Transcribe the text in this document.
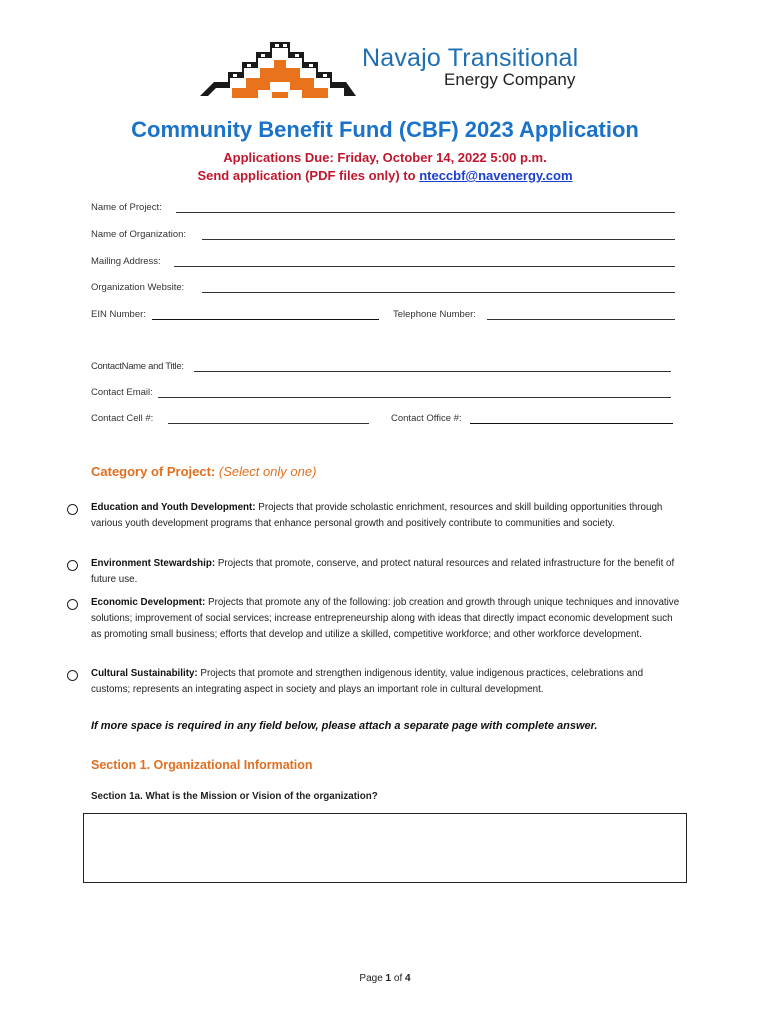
Navajo Transitional
Energy Company
Community Benefit Fund (CBF) 2023 Application
Applications Due: Friday, October 14, 2022 5:00 p.m.
Send application (PDF files only) to nteccbf@navenergy.com
Name of Project:
Name of Organization:
Mailing Address:
Organization Website:
EIN Number:	Telephone Number:
ContactName and Title:
Contact Email:
Contact Cell #:	Contact Office #:
Category of Project: (Select only one)
Education and Youth Development: Projects that provide scholastic enrichment, resources and skill building opportunities through various youth development programs that enhance personal growth and positively contribute to communities and society.
Environment Stewardship: Projects that promote, conserve, and protect natural resources and related infrastructure for the benefit of future use.
Economic Development: Projects that promote any of the following: job creation and growth through unique techniques and innovative solutions; improvement of social services; increase entrepreneurship along with ideas that directly impact economic development such as promoting small business; efforts that develop and utilize a skilled, competitive workforce; and other workforce development.
Cultural Sustainability: Projects that promote and strengthen indigenous identity, value indigenous practices, celebrations and customs; represents an integrating aspect in society and plays an important role in cultural development.
If more space is required in any field below, please attach a separate page with complete answer.
Section 1. Organizational Information
Section 1a. What is the Mission or Vision of the organization?
Page 1 of 4
